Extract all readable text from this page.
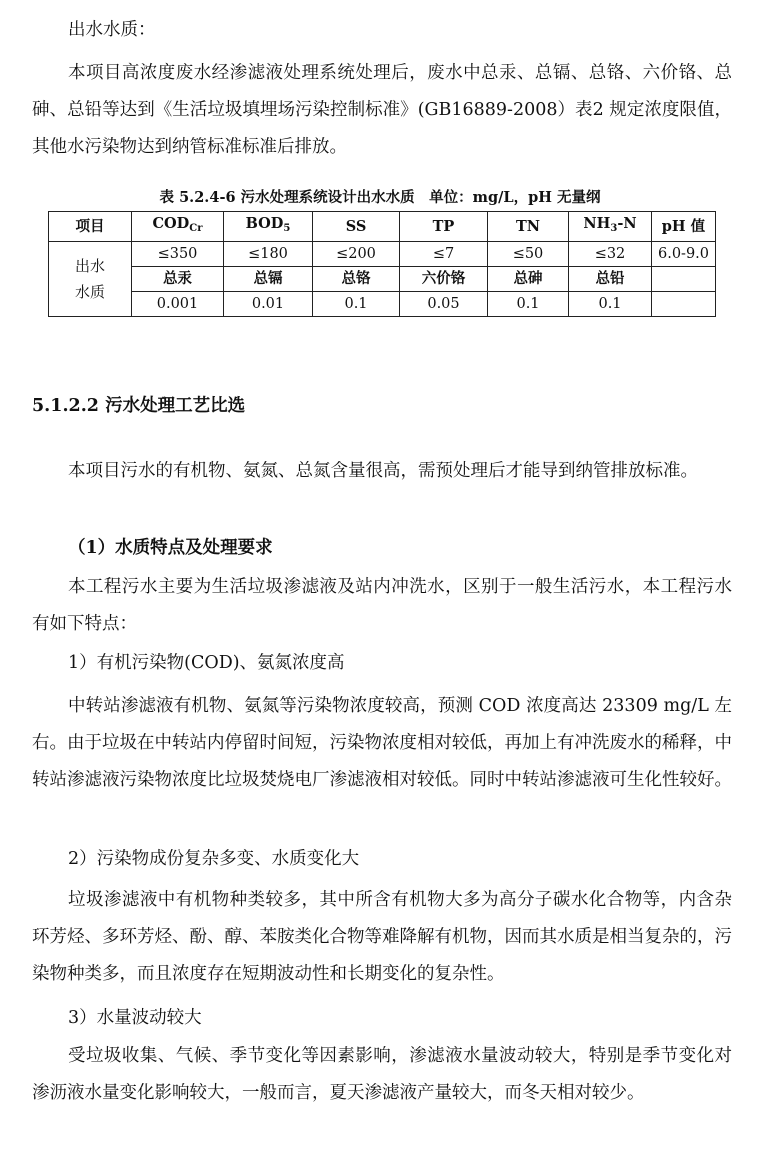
出水水质：

本项目高浓度废水经渗滤液处理系统处理后，废水中总汞、总镉、总铬、六价铬、总砷、总铅等达到《生活垃圾填埋场污染控制标准》(GB16889-2008）表2 规定浓度限值，其他水污染物达到纳管标准标准后排放。

表 5.2.4-6 污水处理系统设计出水水质　单位：mg/L，pH 无量纲
项目	$COD_{Cr}$	$BOD_5$	SS	TP	TN	$NH_3-N$	pH 值

出水
水质	≤350	≤180	≤200	≤7	≤50	≤32	6.0-9.0
	总汞	总镉	总铬	六价铬	总砷	总铅	
	0.001	0.01	0.1	0.05	0.1	0.1	
5.1.2.2 污水处理工艺比选

本项目污水的有机物、氨氮、总氮含量很高，需预处理后才能导到纳管排放标准。

（1）水质特点及处理要求

本工程污水主要为生活垃圾渗滤液及站内冲洗水，区别于一般生活污水，本工程污水有如下特点：

1）有机污染物(COD)、氨氮浓度高

中转站渗滤液有机物、氨氮等污染物浓度较高，预测 COD 浓度高达 23309 mg/L 左右。由于垃圾在中转站内停留时间短，污染物浓度相对较低，再加上有冲洗废水的稀释，中转站渗滤液污染物浓度比垃圾焚烧电厂渗滤液相对较低。同时中转站渗滤液可生化性较好。

2）污染物成份复杂多变、水质变化大

垃圾渗滤液中有机物种类较多，其中所含有机物大多为高分子碳水化合物等，内含杂环芳烃、多环芳烃、酚、醇、苯胺类化合物等难降解有机物，因而其水质是相当复杂的，污染物种类多，而且浓度存在短期波动性和长期变化的复杂性。

3）水量波动较大

受垃圾收集、气候、季节变化等因素影响，渗滤液水量波动较大，特别是季节变化对渗沥液水量变化影响较大，一般而言，夏天渗滤液产量较大，而冬天相对较少。
